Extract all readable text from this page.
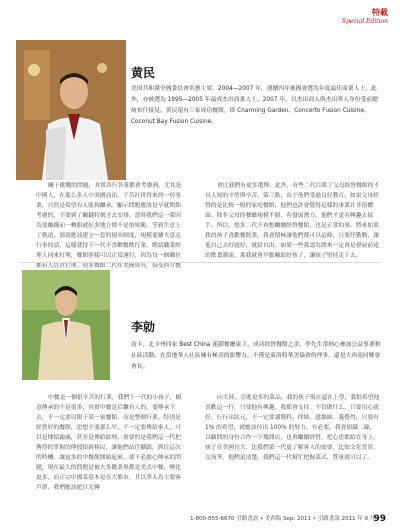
特載
Special Edition
黄民
美国共和黨全國委員會名譽主席，2004—2007 年，連續四年被國會選為年度最佳商業人士。此外，亦被選為 1995—2005 年最成杰出商業人士。2007 年，以杰出商人與杰出華人身份受前總統布什接見。黄民現有三家成功餐館，即 Charming Garden、Concerto Fusion Cuisine、Coconut Bay Fusion Cuisine。
關于挑戰的問題，其實各行各業都會考慮到，尤其是中國人，在那么多人中突圍而出，于苦打拼得來的一份事業，自然是希望有人能夠繼承。顯示問題應該是早就開始考慮的，不要到了關鍵時刻才去安排。當時我們這一輩因為要賺錢而一轉眼就好多地方都不是很規範，等到生意上了軌道，那就應該建立一套的規章制度，規模要擴大意志行事的話，這樣就得下一代不喜歡餐飲行業，聘請職業經理人同來打理，餐館照樣可以正常運行，因為每一個職位都有人負責打理。很多餐館二代在美國成長，接受西方教
會比我們有更多選擇。此外，有些二代目睹了父母經營餐館的不具人知的辛勞與辛苦。第三點，由于他們受過良好教育，如果父母經營的是比較一般的家庭餐館，他們也許會覺得這樣的事業并非很體面。除非父母的餐廳規模不錯，有發展潛力，他們才更有興趣去接手。所以，想多二代不再想繼續經營餐館，也是正常的事。將來如果我的孩子喜歡餐飲業，我會積極讓他們都可以這條，只要任勤勤，讓他自己去好就好，就給自由。如果一些我認為將來一定會是發展前途的飲食潮流，那我就會早點輔助好孩子，讓孩子堅持走下去。
李勍
南卡，北卡州四家 Best China 連鎖餐廳東主，成功經營餐館之余，李先生常熱心參加公益事業和社區活動。在當地華人社區擁有極高的影響力，不僅是東洛特華美協會的理事，還是大西南同鄉會會長。
中餐是一個很辛苦的行業，我們下一代的小孩子，願意傳承的不是很多，其實中餐是后繼有人的，要傳承下去，不一定要局限于某一家餐館，而是整個行業。特別是經營好的餐館，思想不要那么窄，不一定要傳給家人，可以是傳給親戚，甚至是傳給經理。重要的是我們這一代把傳得的掌握的傳授給新移民，讓他們站住腳跟，抓住這次的時機。讓更多的中餐館開始起來，就不必擔心傳承的問題，現在最大的問題是被大多數業界都是美式中餐，變化更多，而正宗中國菜基本是在大都市，且以華人為主要客戶群。我們應該把目光轉
向大陸，引進更多的菜品。我的孩子現在還在上學，我很希望他喜歡這一行，只要他有興趣，我都會支持。不管做什么，只要用心就好，行行出狀元，不一定要讀醫科、律師、建築師。我覺得，只要有 1% 的希望，就應該付出 100% 的努力。有必要，我會組織二線，以顧問的身份合作一下幾間店，也會繼續經營，把心思都給在身上，孩子在美國長大，比我們第一代更了解客人的需要，比如文化背景，交流等，他們更清楚。我們這一代幫忙把握菜式、質量就可以了。
1-800-855-6670 引路書訊 • 美西版 Sep. 2011 • 引路書訊 2011 年 9 月
99
